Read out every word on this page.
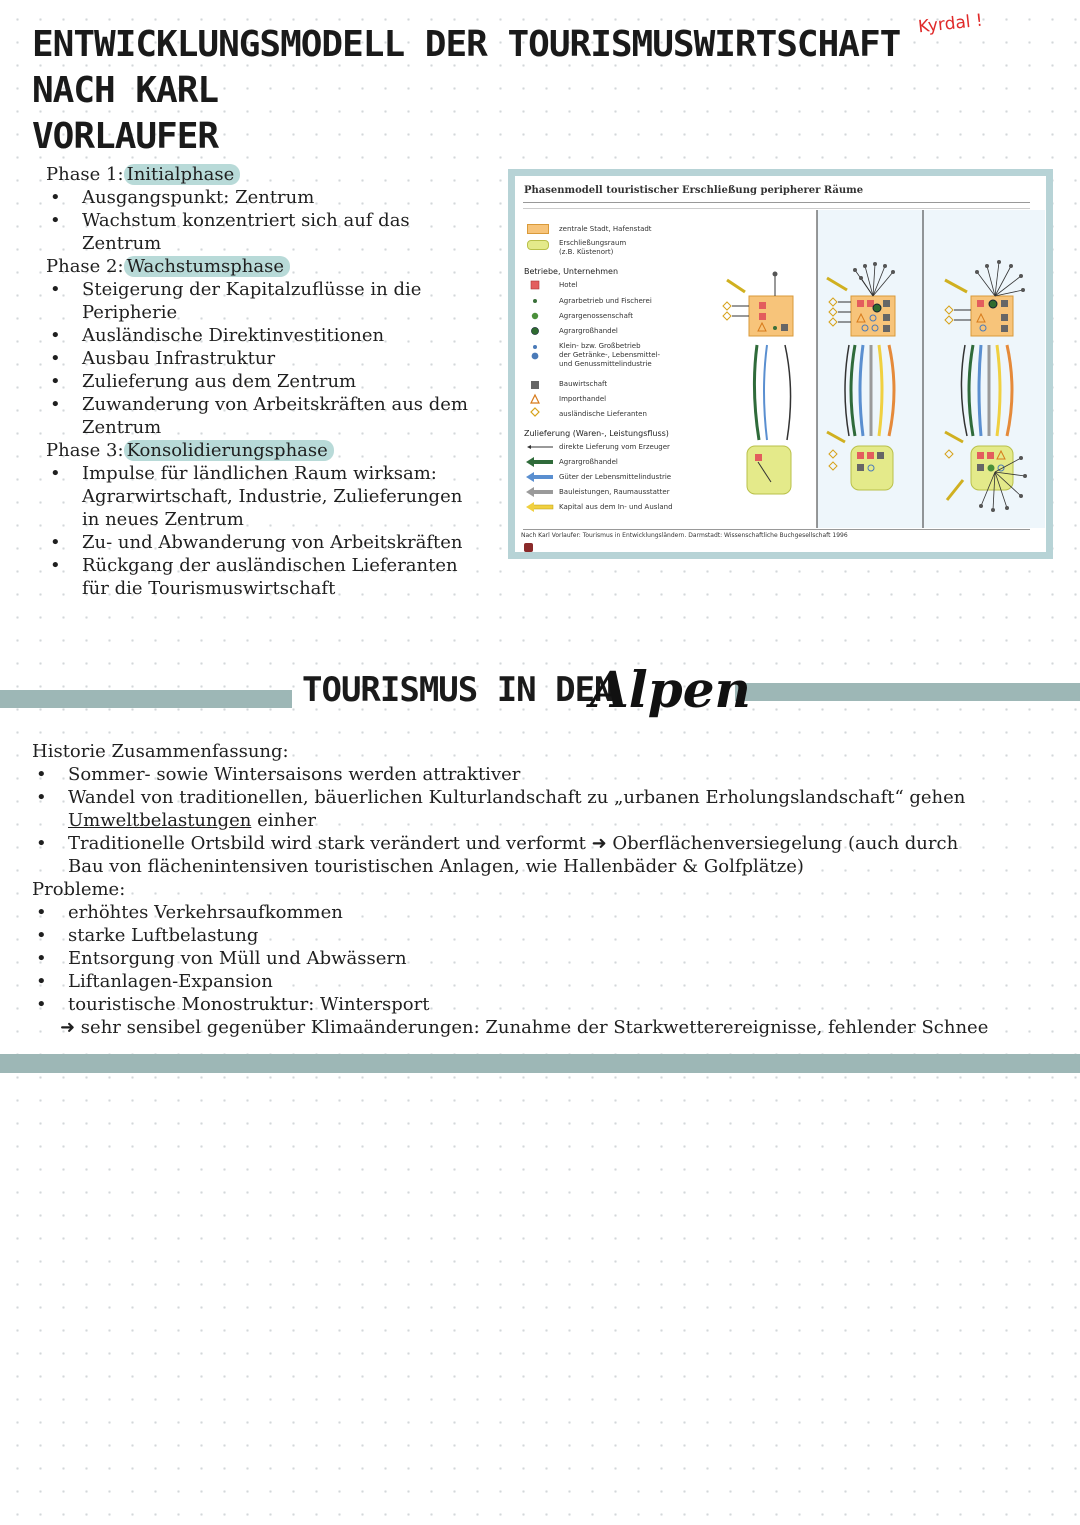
ENTWICKLUNGSMODELL DER TOURISMUSWIRTSCHAFT NACH KARL
VORLAUFER
Kyrdal !
Phase 1: Initialphase
• Ausgangspunkt: Zentrum
• Wachstum konzentriert sich auf das
Zentrum
Phase 2: Wachstumsphase
• Steigerung der Kapitalzuflüsse in die
Peripherie
• Ausländische Direktinvestitionen
• Ausbau Infrastruktur
• Zulieferung aus dem Zentrum
• Zuwanderung von Arbeitskräften aus dem
Zentrum
Phase 3: Konsolidierungsphase
• Impulse für ländlichen Raum wirksam:
Agrarwirtschaft, Industrie, Zulieferungen
in neues Zentrum
• Zu- und Abwanderung von Arbeitskräften
• Rückgang der ausländischen Lieferanten
für die Tourismuswirtschaft
Phasenmodell touristischer Erschließung peripherer Räume
zentrale Stadt, Hafenstadt
Erschließungsraum
(z.B. Küstenort)
Betriebe, Unternehmen
Hotel
Agrarbetrieb und Fischerei
Agrargenossenschaft
Agrargroßhandel
Klein- bzw. Großbetrieb
der Getränke-, Lebensmittel-
und Genussmittelindustrie
Bauwirtschaft
Importhandel
ausländische Lieferanten
Zulieferung (Waren-, Leistungsfluss)
direkte Lieferung vom Erzeuger
Agrargroßhandel
Güter der Lebensmittelindustrie
Bauleistungen, Raumausstatter
Kapital aus dem In- und Ausland
Nach Karl Vorlaufer: Tourismus in Entwicklungsländern. Darmstadt: Wissenschaftliche Buchgesellschaft 1996
TOURISMUS IN DEN
Alpen
Historie Zusammenfassung:
• Sommer- sowie Wintersaisons werden attraktiver
• Wandel von traditionellen, bäuerlichen Kulturlandschaft zu „urbanen Erholungslandschaft“ gehen
Umweltbelastungen einher
• Traditionelle Ortsbild wird stark verändert und verformt ➜ Oberflächenversiegelung (auch durch
Bau von flächenintensiven touristischen Anlagen, wie Hallenbäder & Golfplätze)
Probleme:
• erhöhtes Verkehrsaufkommen
• starke Luftbelastung
• Entsorgung von Müll und Abwässern
• Liftanlagen-Expansion
• touristische Monostruktur: Wintersport
➜ sehr sensibel gegenüber Klimaänderungen: Zunahme der Starkwetterereignisse, fehlender Schnee
